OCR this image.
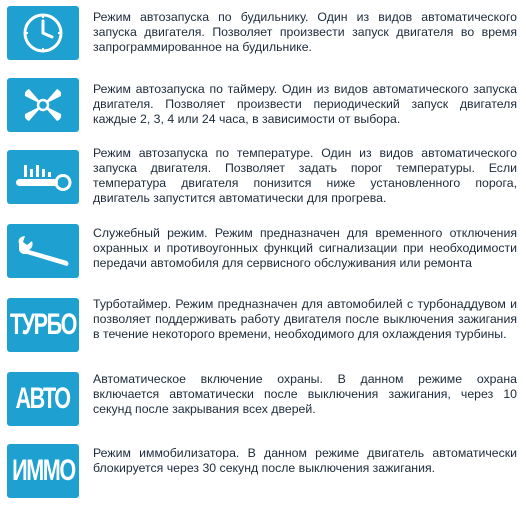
Режим автозапуска по будильнику. Один из видов автоматического запуска двигателя. Позволяет произвести запуск двигателя во время запрограммированное на будильнике.

Режим автозапуска по таймеру. Один из видов автоматического запуска двигателя. Позволяет произвести периодический запуск двигателя каждые 2, 3, 4 или 24 часа, в зависимости от выбора.

Режим автозапуска по температуре. Один из видов автоматического запуска двигателя. Позволяет задать порог температуры. Если температура двигателя понизится ниже установленного порога, двигатель запустится автоматически для прогрева.

Служебный режим. Режим предназначен для временного отключения охранных и противоугонных функций сигнализации при необходимости передачи автомобиля для сервисного обслуживания или ремонта

ТУРБО

Турботаймер. Режим предназначен для автомобилей с турбонаддувом и позволяет поддерживать работу двигателя после выключения зажигания в течение некоторого времени, необходимого для охлаждения турбины.

АВТО

Автоматическое включение охраны. В данном режиме охрана включается автоматически после выключения зажигания, через 10 секунд после закрывания всех дверей.

ИММО

Режим иммобилизатора. В данном режиме двигатель автоматически блокируется через 30 секунд после выключения зажигания.
